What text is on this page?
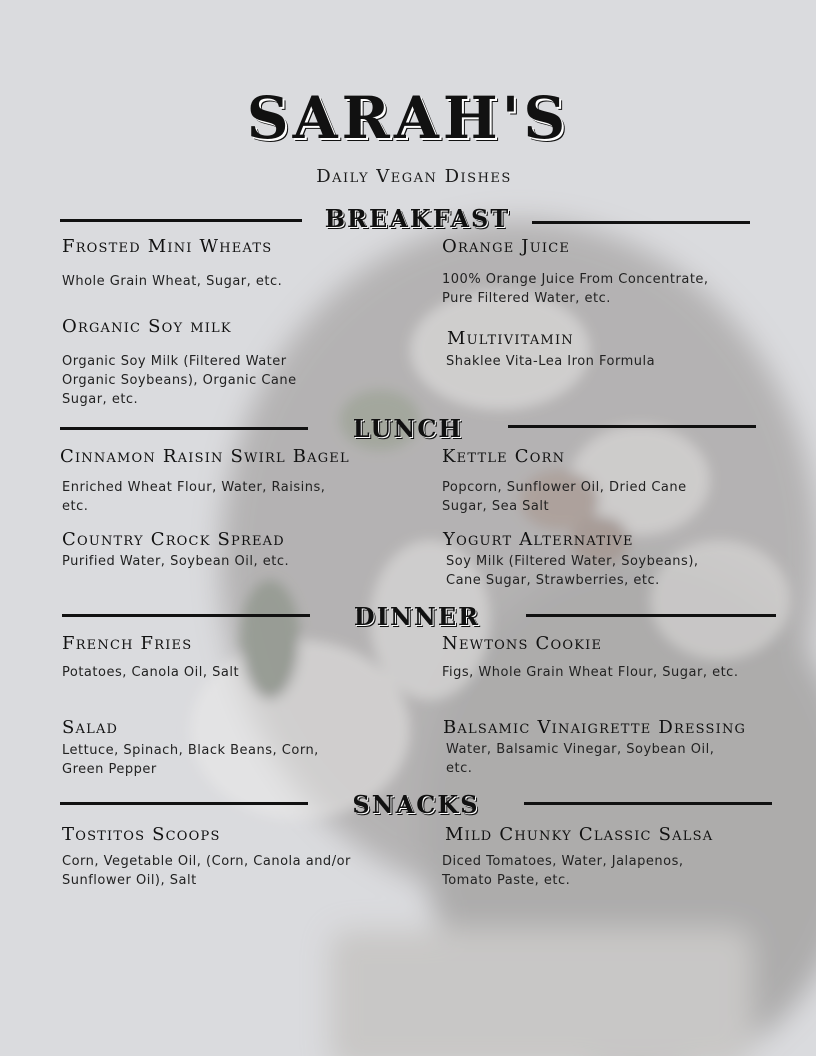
SARAH'S
Daily Vegan Dishes
BREAKFAST
Frosted Mini Wheats
Whole Grain Wheat, Sugar, etc.
Orange Juice
100% Orange Juice From Concentrate, Pure Filtered Water, etc.
Organic Soy milk
Organic Soy Milk (Filtered Water Organic Soybeans), Organic Cane Sugar, etc.
Multivitamin
Shaklee Vita-Lea Iron Formula
LUNCH
Cinnamon Raisin Swirl Bagel
Enriched Wheat Flour, Water, Raisins, etc.
Kettle Corn
Popcorn, Sunflower Oil, Dried Cane Sugar, Sea Salt
Country Crock Spread
Purified Water, Soybean Oil, etc.
Yogurt Alternative
Soy Milk (Filtered Water, Soybeans), Cane Sugar, Strawberries, etc.
DINNER
French Fries
Potatoes, Canola Oil, Salt
Newtons Cookie
Figs, Whole Grain Wheat Flour, Sugar, etc.
Salad
Lettuce, Spinach, Black Beans, Corn, Green Pepper
Balsamic Vinaigrette Dressing
Water, Balsamic Vinegar, Soybean Oil, etc.
SNACKS
Tostitos Scoops
Corn, Vegetable Oil, (Corn, Canola and/or Sunflower Oil), Salt
Mild Chunky Classic Salsa
Diced Tomatoes, Water, Jalapenos, Tomato Paste, etc.
